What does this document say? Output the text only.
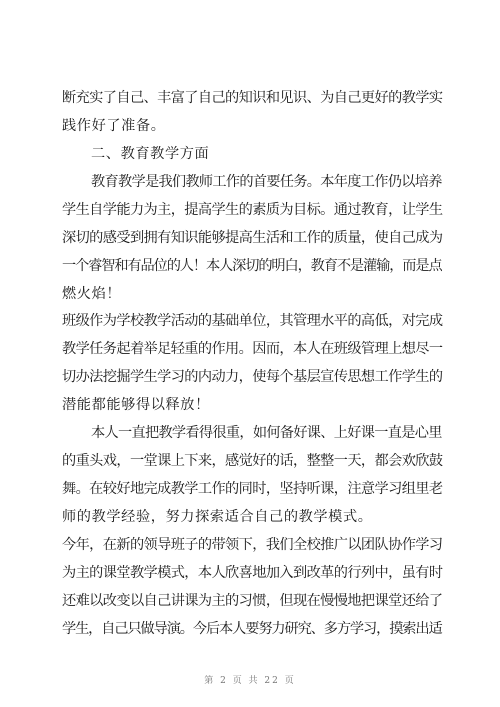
断充实了自己、丰富了自己的知识和见识、为自己更好的教学实
践作好了准备。
二、教育教学方面
教育教学是我们教师工作的首要任务。本年度工作仍以培养
学生自学能力为主，提高学生的素质为目标。通过教育，让学生
深切的感受到拥有知识能够提高生活和工作的质量，使自己成为
一个睿智和有品位的人！本人深切的明白，教育不是灌输，而是点
燃火焰！
班级作为学校教学活动的基础单位，其管理水平的高低，对完成
教学任务起着举足轻重的作用。因而，本人在班级管理上想尽一
切办法挖掘学生学习的内动力，使每个基层宣传思想工作学生的
潜能都能够得以释放！
本人一直把教学看得很重，如何备好课、上好课一直是心里
的重头戏，一堂课上下来，感觉好的话，整整一天，都会欢欣鼓
舞。在较好地完成教学工作的同时，坚持听课，注意学习组里老
师的教学经验，努力探索适合自己的教学模式。
今年，在新的领导班子的带领下，我们全校推广以团队协作学习
为主的课堂教学模式，本人欣喜地加入到改革的行列中，虽有时
还难以改变以自己讲课为主的习惯，但现在慢慢地把课堂还给了
学生，自己只做导演。今后本人要努力研究、多方学习，摸索出适
第 2 页 共 22 页
